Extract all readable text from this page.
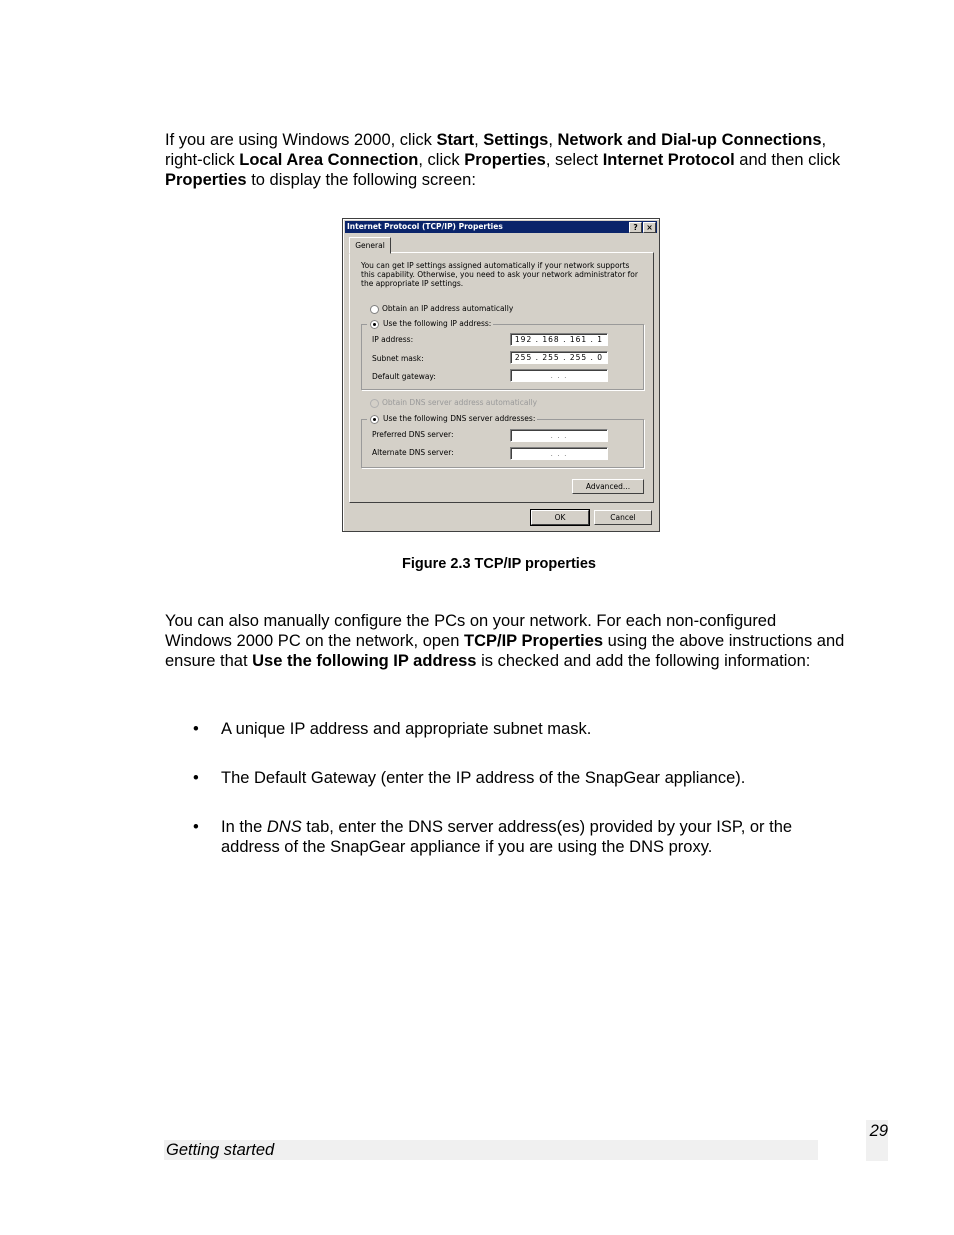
If you are using Windows 2000, click Start, Settings, Network and Dial-up Connections, right-click Local Area Connection, click Properties, select Internet Protocol and then click Properties to display the following screen:

Internet Protocol (TCP/IP) Properties	?	×
General

You can get IP settings assigned automatically if your network supports this capability. Otherwise, you need to ask your network administrator for the appropriate IP settings.

Obtain an IP address automatically
Use the following IP address:
IP address:	192 . 168 . 161 . 1
Subnet mask:	255 . 255 . 255 . 0
Default gateway:	. . .
Obtain DNS server address automatically
Use the following DNS server addresses:
Preferred DNS server:	. . .
Alternate DNS server:	. . .
Advanced...
OK	Cancel
Figure 2.3 TCP/IP properties

You can also manually configure the PCs on your network. For each non-configured Windows 2000 PC on the network, open TCP/IP Properties using the above instructions and ensure that Use the following IP address is checked and add the following information:

• A unique IP address and appropriate subnet mask.
• The Default Gateway (enter the IP address of the SnapGear appliance).
• In the DNS tab, enter the DNS server address(es) provided by your ISP, or the address of the SnapGear appliance if you are using the DNS proxy.
Getting started
29
